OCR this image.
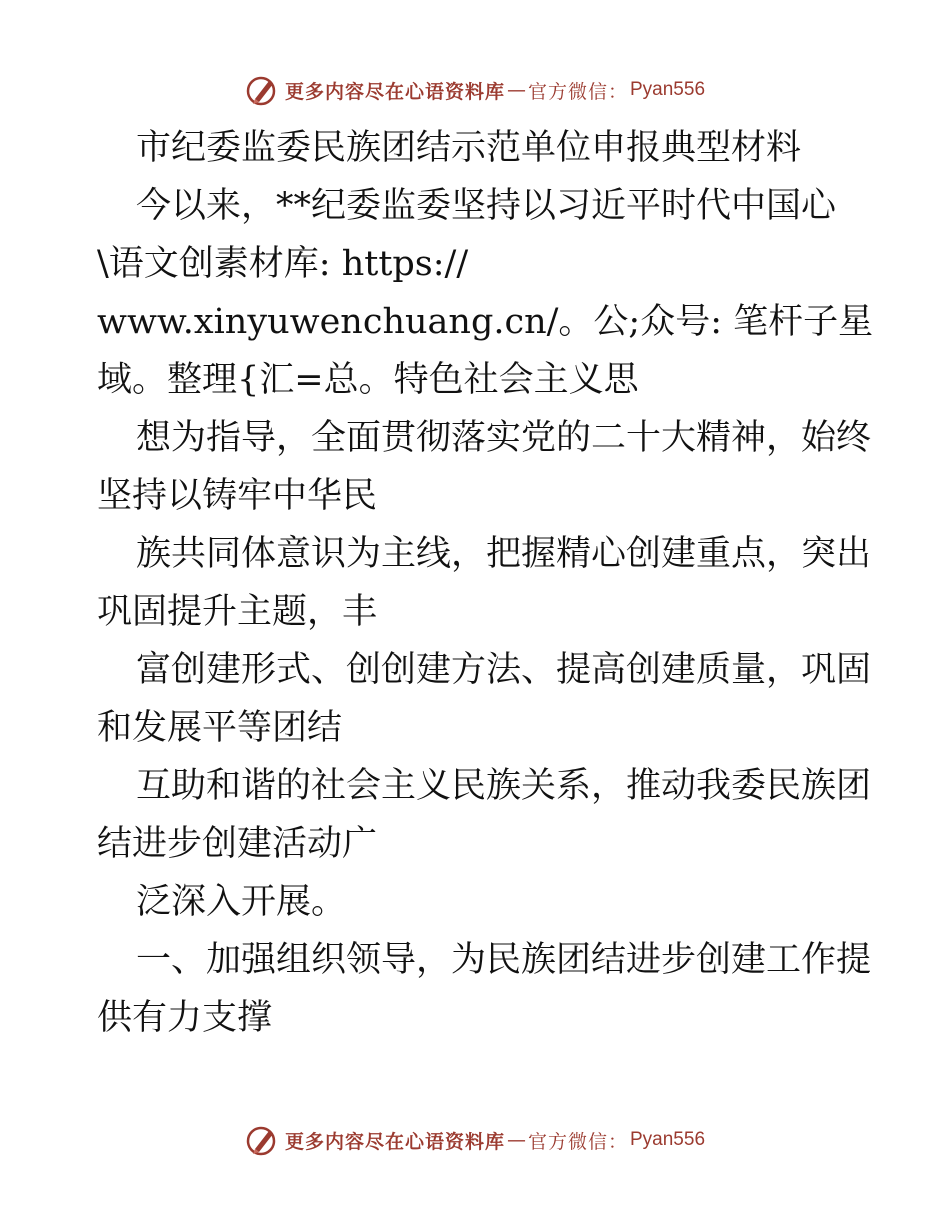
更多内容尽在心语资料库 — 官方微信： Pyan556
市纪委监委民族团结示范单位申报典型材料
今以来，**纪委监委坚持以习近平时代中国心
\语文创素材库: https://
www.xinyuwenchuang.cn/。公;众号: 笔杆子星
域。整理{汇=总。特色社会主义思
想为指导，全面贯彻落实党的二十大精神，始终
坚持以铸牢中华民
族共同体意识为主线，把握精心创建重点，突出
巩固提升主题，丰
富创建形式、创创建方法、提高创建质量，巩固
和发展平等团结
互助和谐的社会主义民族关系，推动我委民族团
结进步创建活动广
泛深入开展。
一、加强组织领导，为民族团结进步创建工作提
供有力支撑
更多内容尽在心语资料库 — 官方微信： Pyan556
